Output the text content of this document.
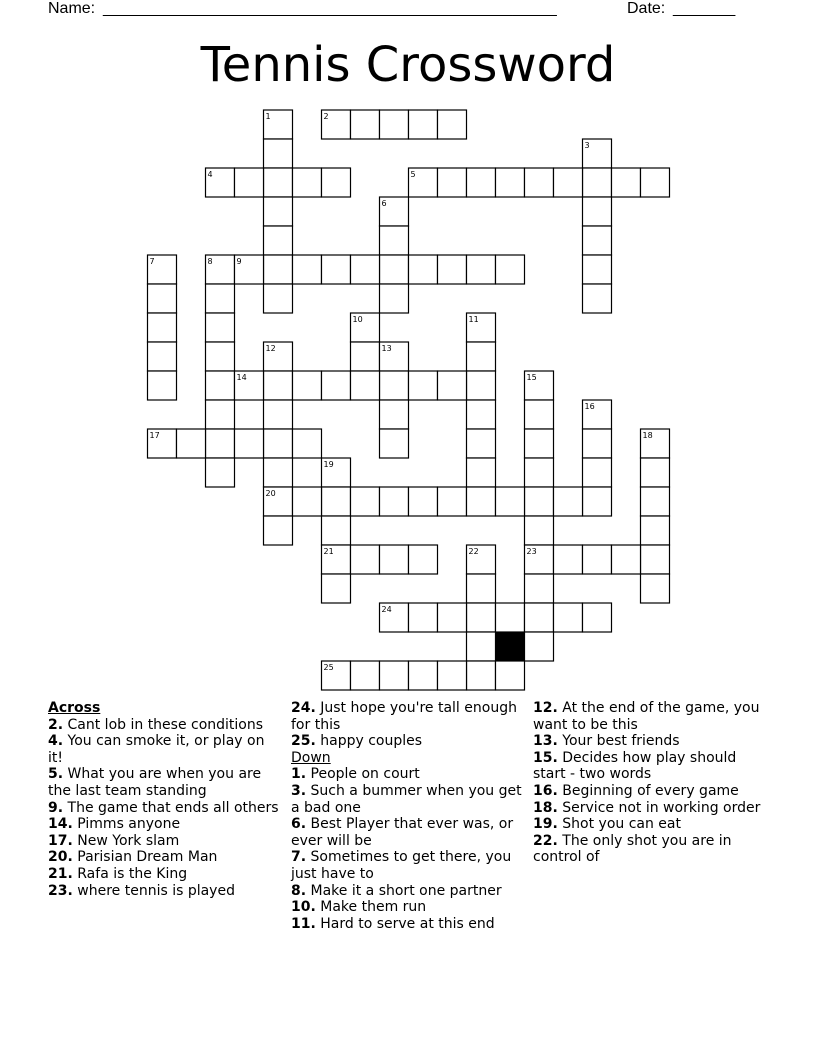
Name: ___________________________________________________	Date: _______
Tennis Crossword
1	2
3
4	5
6
7	8	9
10	11
12	13
14	15
16
17	18
19
20
21	22	23
24
25
Across

2. Cant lob in these conditions

4. You can smoke it, or play on it!

5. What you are when you are the last team standing

9. The game that ends all others

14. Pimms anyone

17. New York slam

20. Parisian Dream Man

21. Rafa is the King

23. where tennis is played

24. Just hope you're tall enough for this

25. happy couples

Down

1. People on court

3. Such a bummer when you get a bad one

6. Best Player that ever was, or ever will be

7. Sometimes to get there, you just have to

8. Make it a short one partner

10. Make them run

11. Hard to serve at this end

12. At the end of the game, you want to be this

13. Your best friends

15. Decides how play should start - two words

16. Beginning of every game

18. Service not in working order

19. Shot you can eat

22. The only shot you are in control of
